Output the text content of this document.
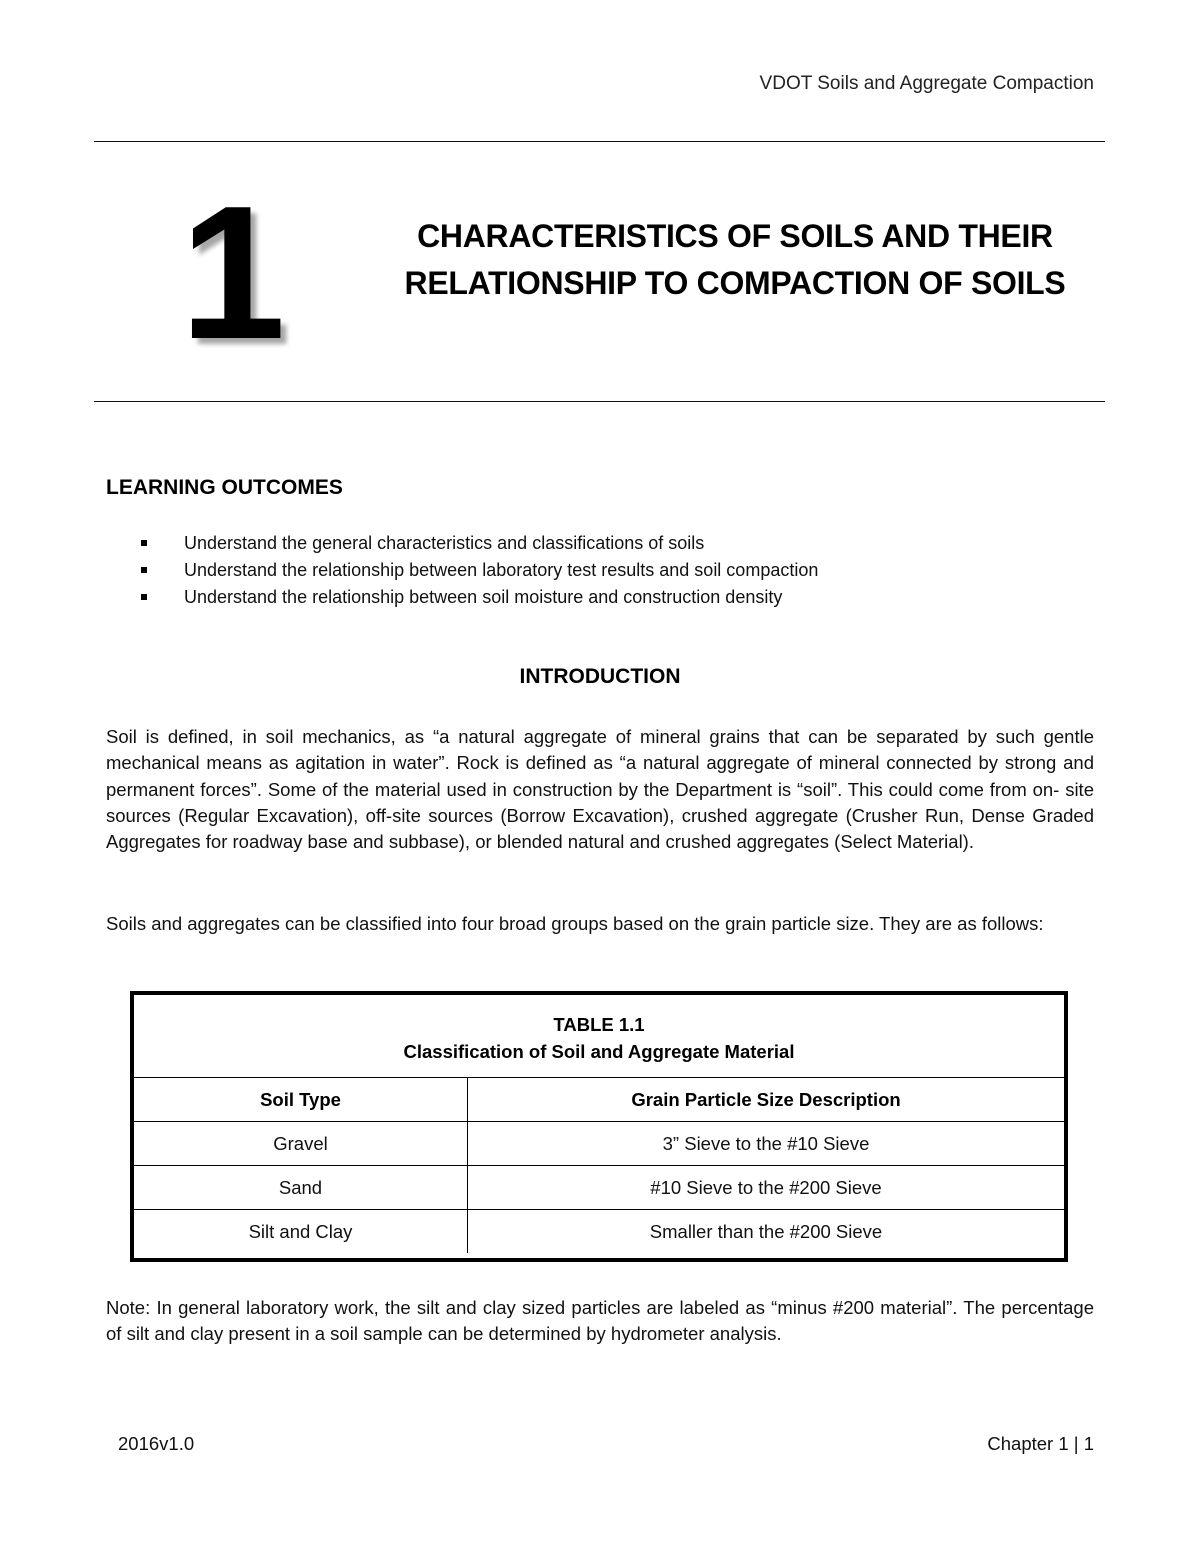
VDOT Soils and Aggregate Compaction
1	CHARACTERISTICS OF SOILS AND THEIR
RELATIONSHIP TO COMPACTION OF SOILS
LEARNING OUTCOMES
Understand the general characteristics and classifications of soils
Understand the relationship between laboratory test results and soil compaction
Understand the relationship between soil moisture and construction density
INTRODUCTION

Soil is defined, in soil mechanics, as “a natural aggregate of mineral grains that can be separated by such gentle mechanical means as agitation in water”. Rock is defined as “a natural aggregate of mineral connected by strong and permanent forces”. Some of the material used in construction by the Department is “soil”. This could come from on- site sources (Regular Excavation), off-site sources (Borrow Excavation), crushed aggregate (Crusher Run, Dense Graded Aggregates for roadway base and subbase), or blended natural and crushed aggregates (Select Material).

Soils and aggregates can be classified into four broad groups based on the grain particle size. They are as follows:

TABLE 1.1
Classification of Soil and Aggregate Material
Soil Type	Grain Particle Size Description
Gravel	3” Sieve to the #10 Sieve
Sand	#10 Sieve to the #200 Sieve
Silt and Clay	Smaller than the #200 Sieve

Note: In general laboratory work, the silt and clay sized particles are labeled as “minus #200 material”. The percentage of silt and clay present in a soil sample can be determined by hydrometer analysis.

2016v1.0	Chapter 1 | 1
